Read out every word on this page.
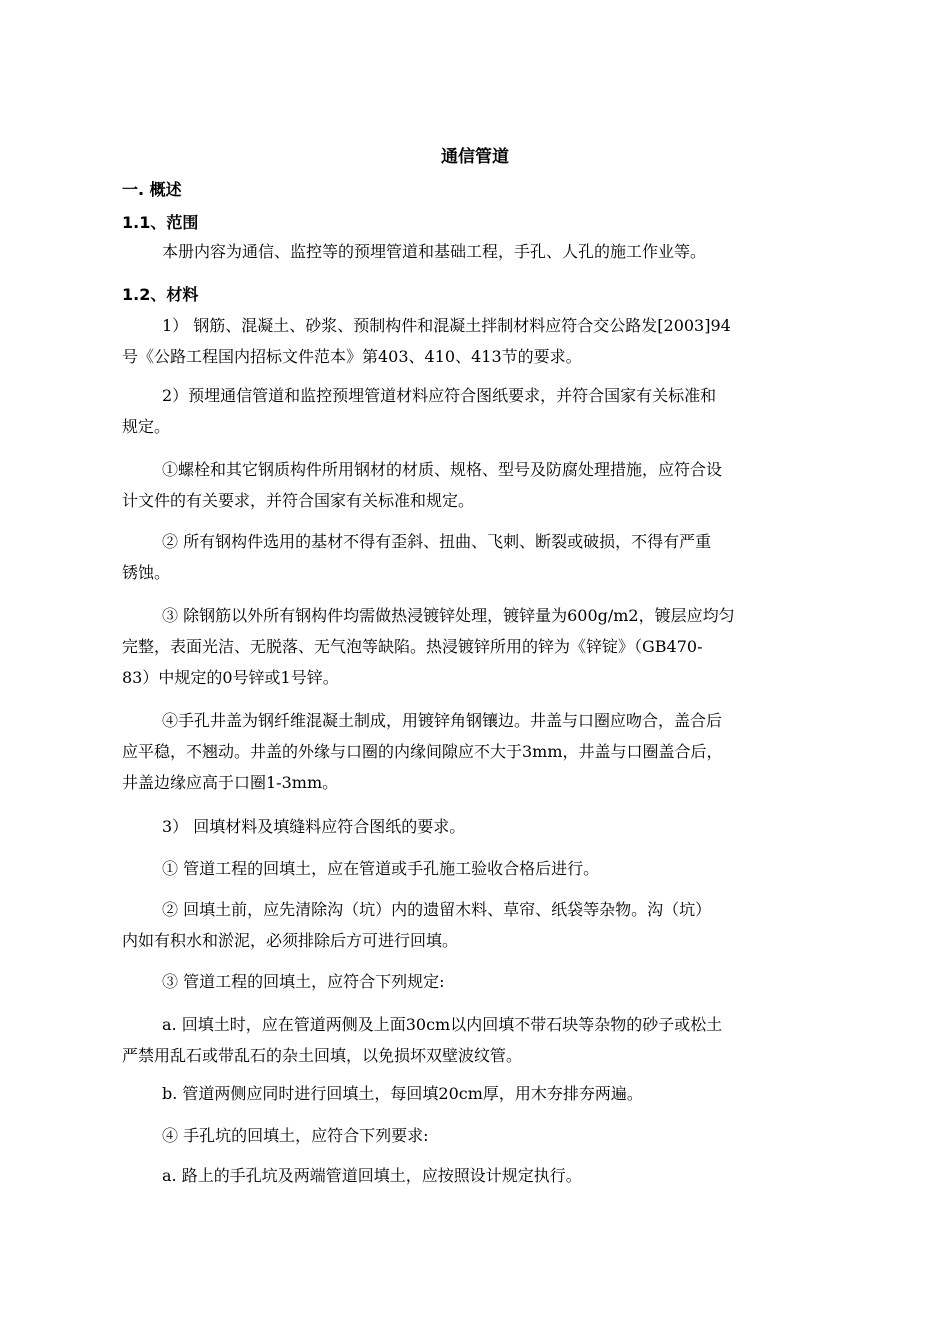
通信管道
一. 概述
1.1、范围
本册内容为通信、监控等的预埋管道和基础工程，手孔、人孔的施工作业等。
1.2、材料
1） 钢筋、混凝土、砂浆、预制构件和混凝土拌制材料应符合交公路发[2003]94
号《公路工程国内招标文件范本》第403、410、413节的要求。
2）预埋通信管道和监控预埋管道材料应符合图纸要求，并符合国家有关标准和
规定。
①螺栓和其它钢质构件所用钢材的材质、规格、型号及防腐处理措施，应符合设
计文件的有关要求，并符合国家有关标准和规定。
② 所有钢构件选用的基材不得有歪斜、扭曲、飞刺、断裂或破损，不得有严重
锈蚀。
③ 除钢筋以外所有钢构件均需做热浸镀锌处理，镀锌量为600g/m2，镀层应均匀
完整，表面光洁、无脱落、无气泡等缺陷。热浸镀锌所用的锌为《锌锭》（GB470-
83）中规定的0号锌或1号锌。
④手孔井盖为钢纤维混凝土制成，用镀锌角钢镶边。井盖与口圈应吻合，盖合后
应平稳，不翘动。井盖的外缘与口圈的内缘间隙应不大于3mm，井盖与口圈盖合后，
井盖边缘应高于口圈1-3mm。
3） 回填材料及填缝料应符合图纸的要求。
① 管道工程的回填土，应在管道或手孔施工验收合格后进行。
② 回填土前，应先清除沟（坑）内的遗留木料、草帘、纸袋等杂物。沟（坑）
内如有积水和淤泥，必须排除后方可进行回填。
③ 管道工程的回填土，应符合下列规定:
a. 回填土时，应在管道两侧及上面30cm以内回填不带石块等杂物的砂子或松土
严禁用乱石或带乱石的杂土回填，以免损坏双壁波纹管。
b. 管道两侧应同时进行回填土，每回填20cm厚，用木夯排夯两遍。
④ 手孔坑的回填土，应符合下列要求:
a. 路上的手孔坑及两端管道回填土，应按照设计规定执行。
